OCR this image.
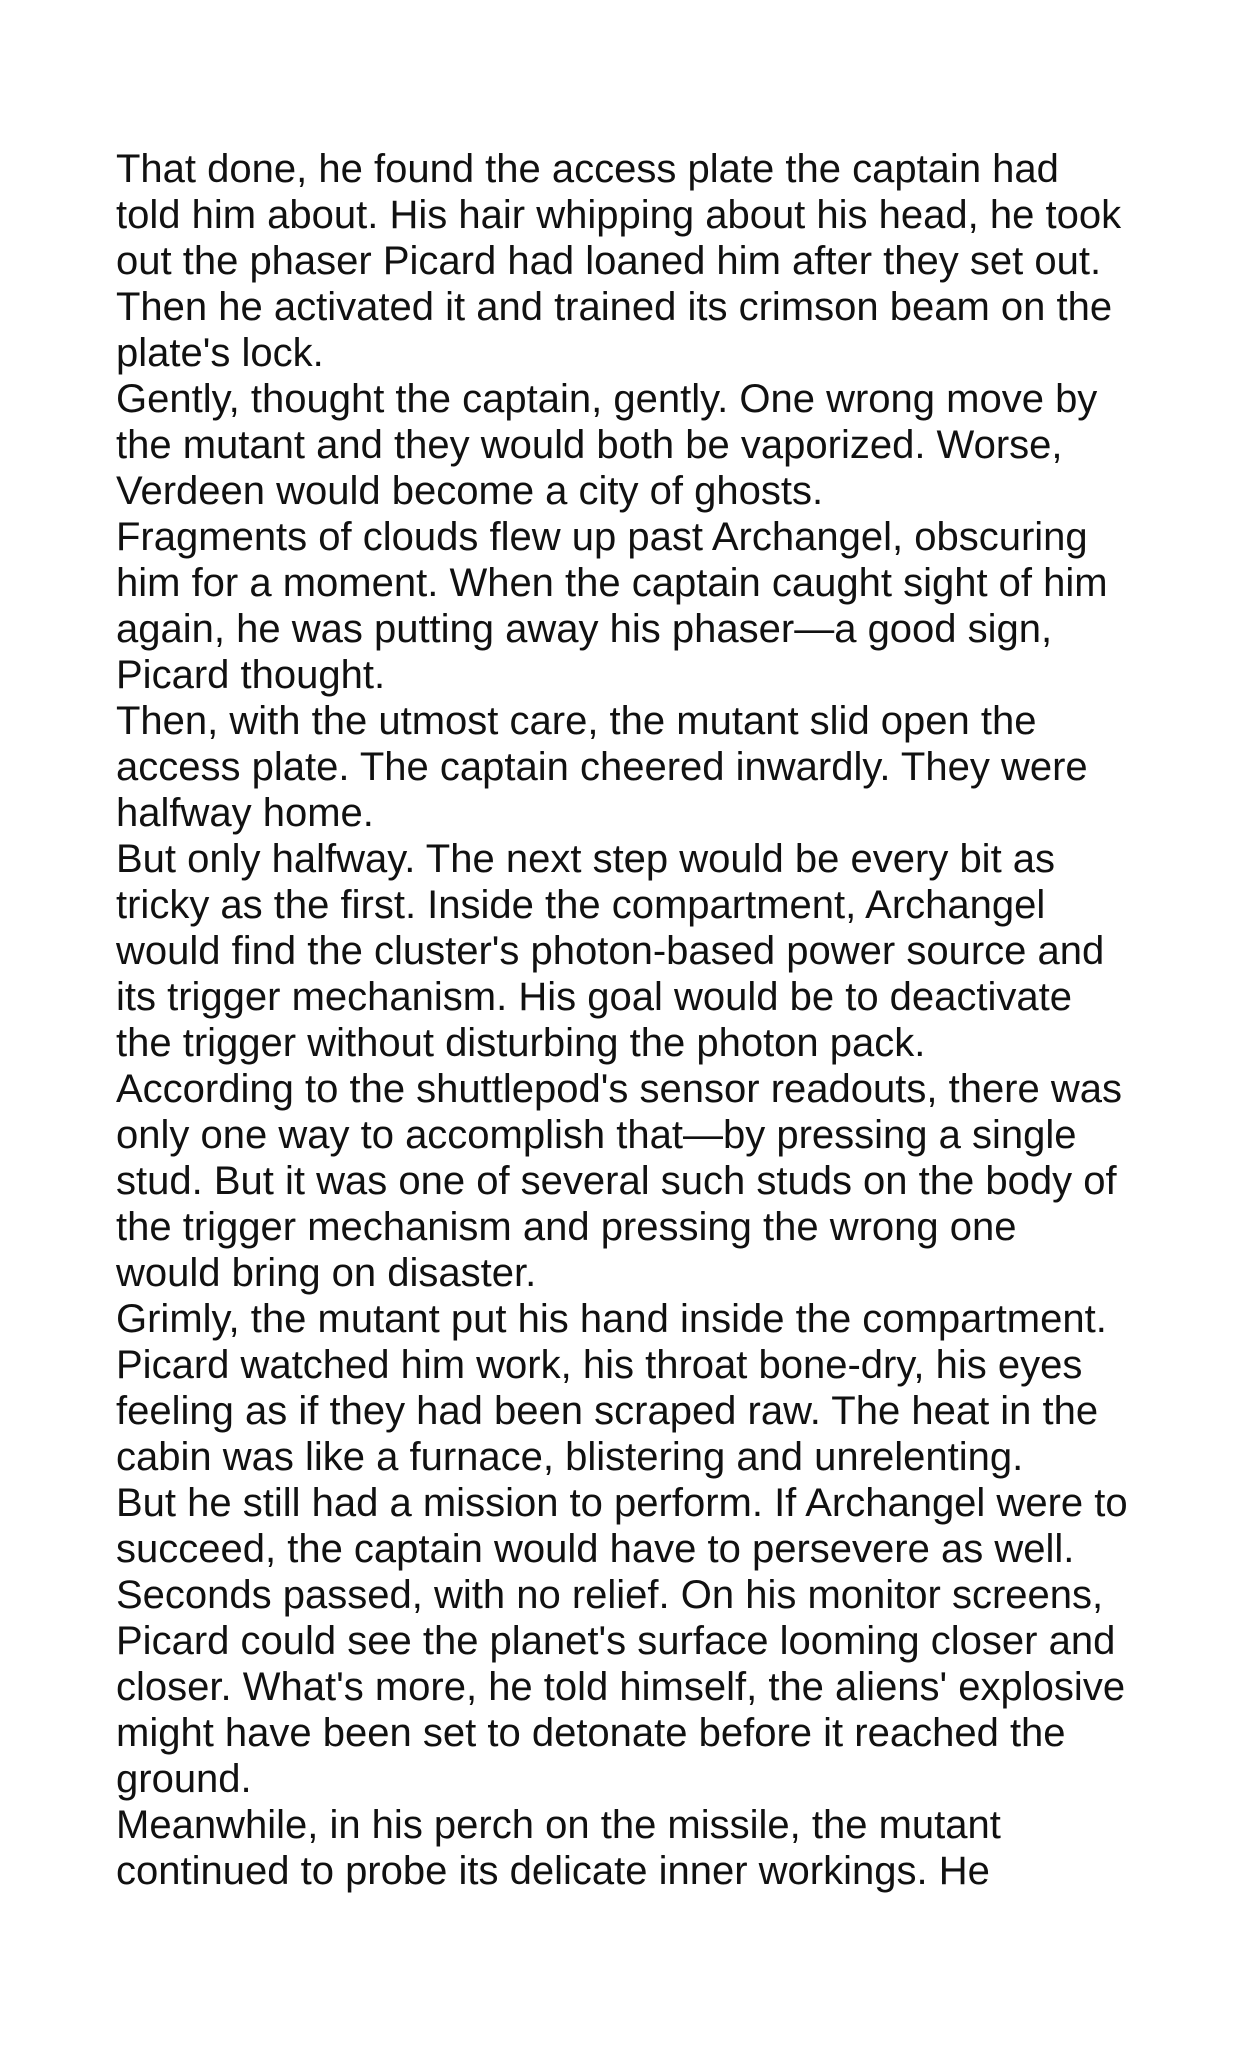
That done, he found the access plate the captain had
told him about. His hair whipping about his head, he took
out the phaser Picard had loaned him after they set out.
Then he activated it and trained its crimson beam on the
plate's lock.

Gently, thought the captain, gently. One wrong move by
the mutant and they would both be vaporized. Worse,
Verdeen would become a city of ghosts.

Fragments of clouds flew up past Archangel, obscuring
him for a moment. When the captain caught sight of him
again, he was putting away his phaser—a good sign,
Picard thought.

Then, with the utmost care, the mutant slid open the
access plate. The captain cheered inwardly. They were
halfway home.

But only halfway. The next step would be every bit as
tricky as the first. Inside the compartment, Archangel
would find the cluster's photon-based power source and
its trigger mechanism. His goal would be to deactivate
the trigger without disturbing the photon pack.

According to the shuttlepod's sensor readouts, there was
only one way to accomplish that—by pressing a single
stud. But it was one of several such studs on the body of
the trigger mechanism and pressing the wrong one
would bring on disaster.

Grimly, the mutant put his hand inside the compartment.
Picard watched him work, his throat bone-dry, his eyes
feeling as if they had been scraped raw. The heat in the
cabin was like a furnace, blistering and unrelenting.

But he still had a mission to perform. If Archangel were to
succeed, the captain would have to persevere as well.

Seconds passed, with no relief. On his monitor screens,
Picard could see the planet's surface looming closer and
closer. What's more, he told himself, the aliens' explosive
might have been set to detonate before it reached the
ground.

Meanwhile, in his perch on the missile, the mutant
continued to probe its delicate inner workings. He
